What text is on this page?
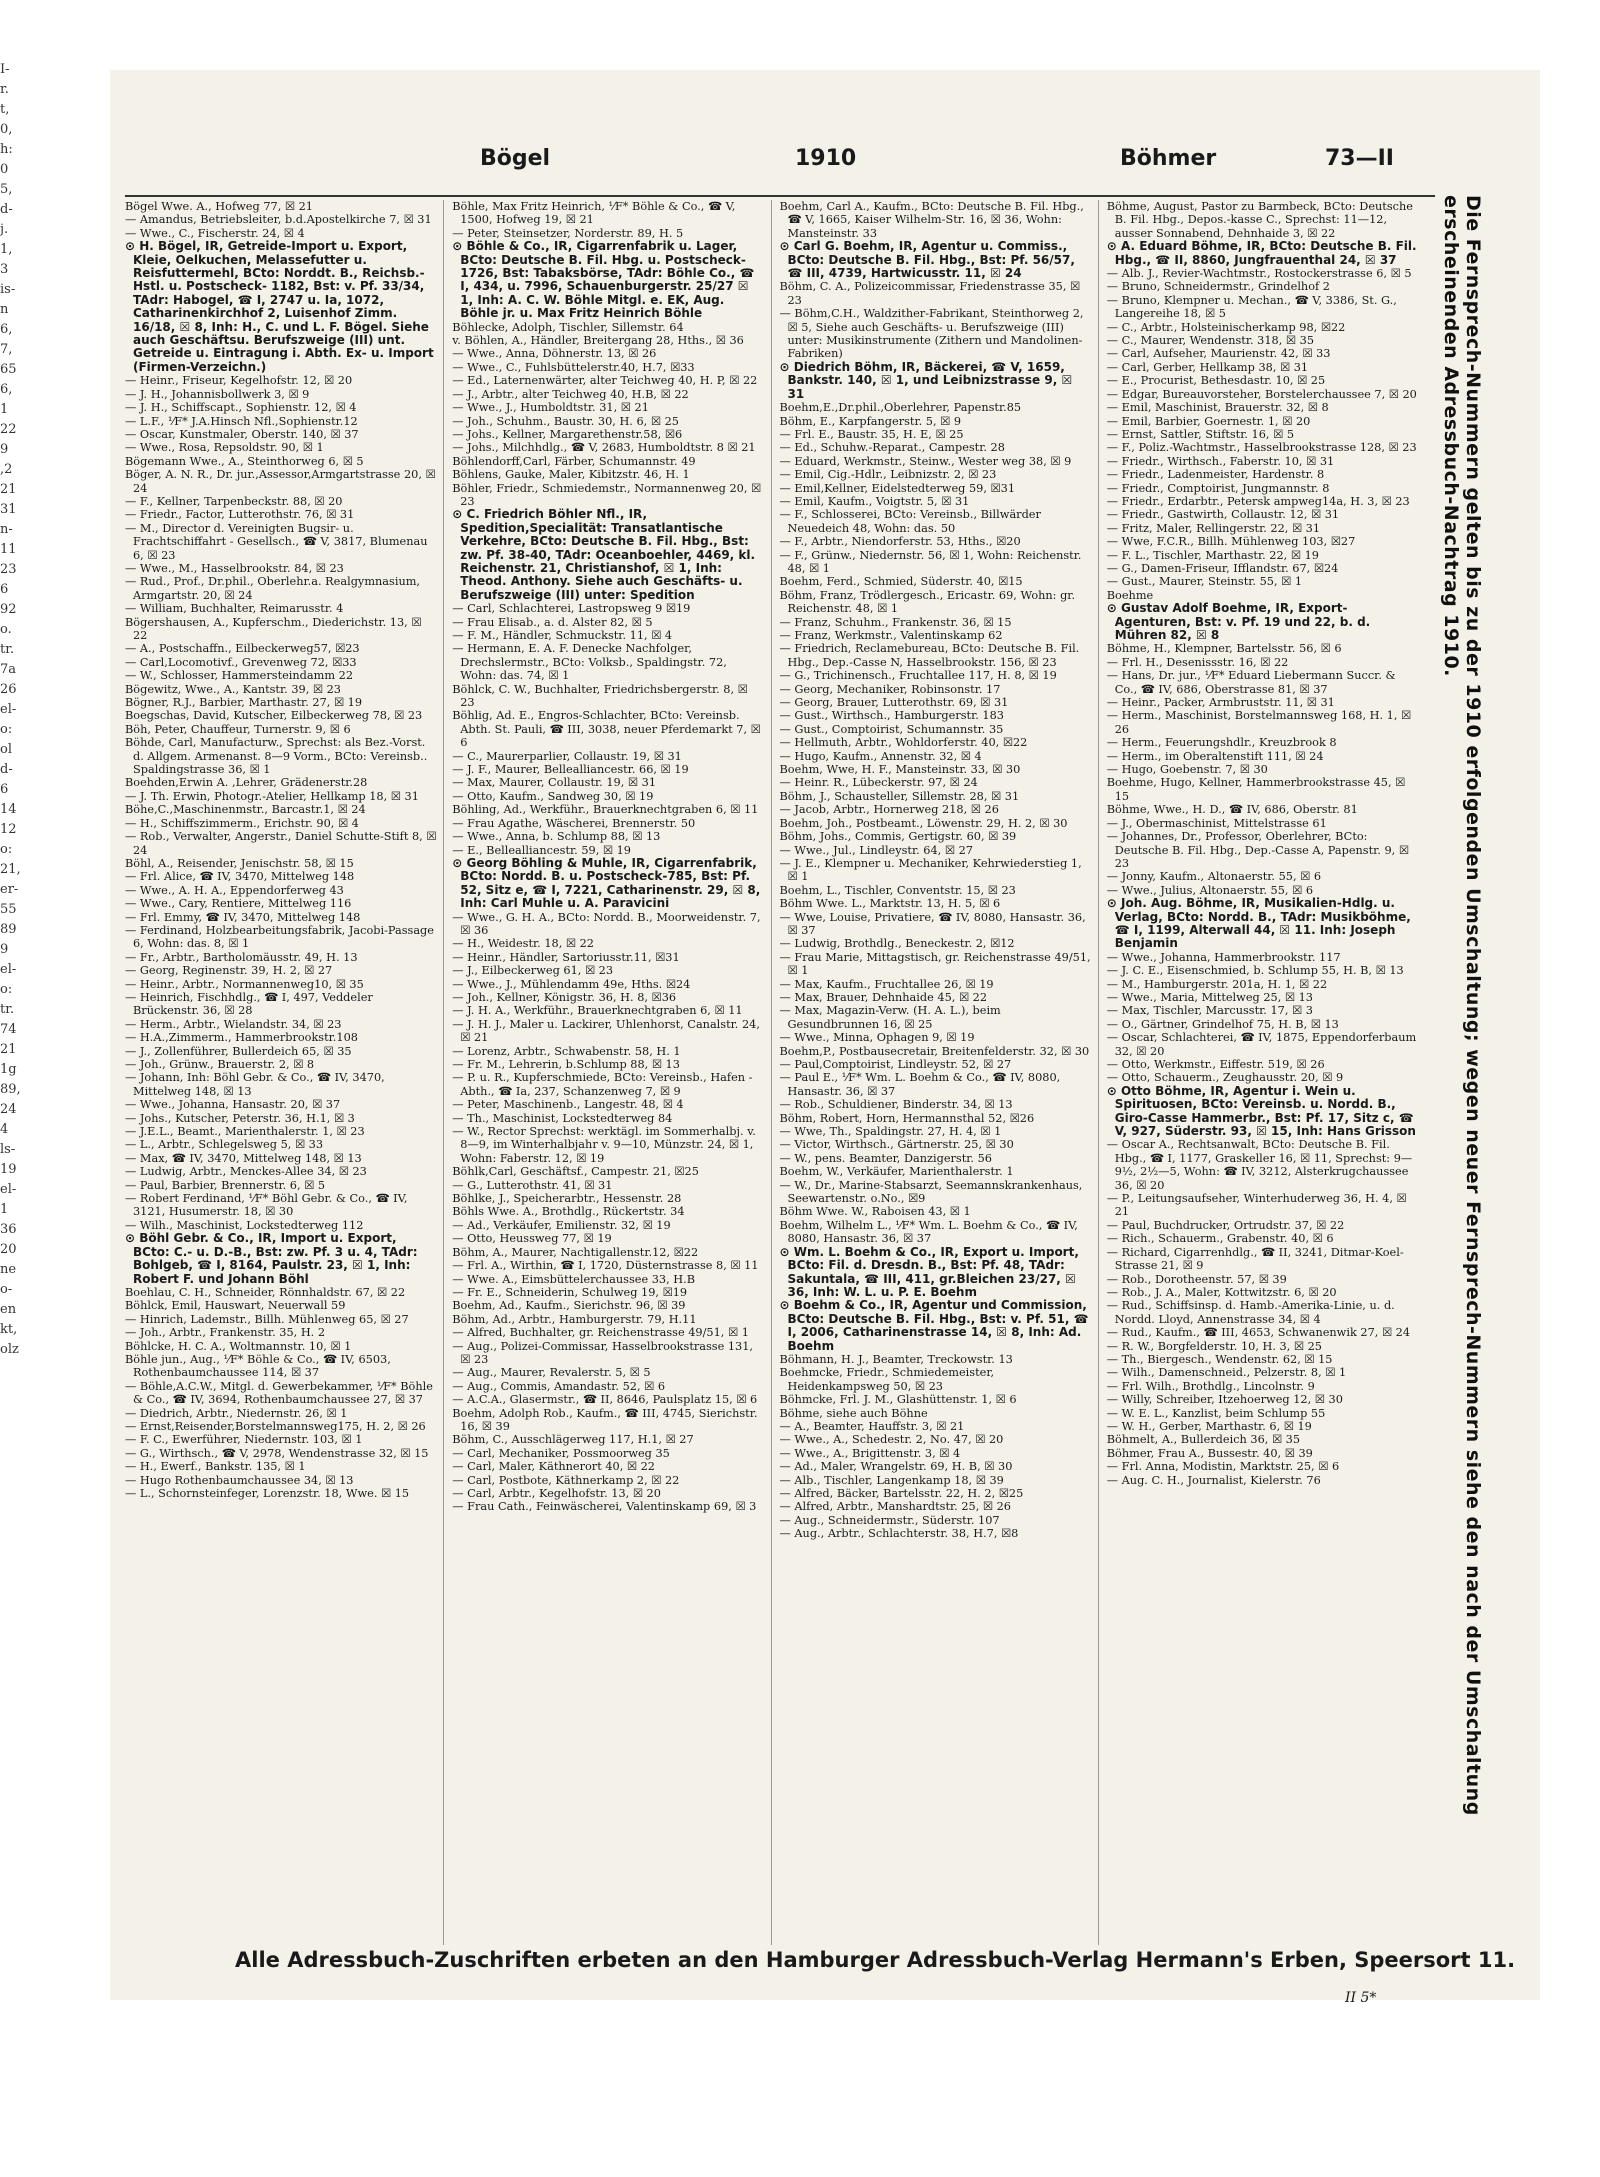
I-
r.
t,
0,
h:
0
5,
d-
j.
1,
3
is-
n
6,
7,
65
6,
1
22
9
,2
21
31
n-
11
23
6
92
o.
tr.
7a
26
el-
o:
ol
d-
6
14
12
o:
21,
er-
55
89
9
el-
o:
tr.
74
21
1g
89,
24
4
ls-
19
el-
1
36
20
ne
o-
en
kt,
olz
Bögel	1910	Böhmer	73—II

Bögel Wwe. A., Hofweg 77, ☒ 21

— Amandus, Betriebsleiter, b.d.Apostelkirche 7, ☒ 31

— Wwe., C., Fischerstr. 24, ☒ 4

⊙ H. Bögel, IR, Getreide-Import u. Export, Kleie, Oelkuchen, Melassefutter u. Reisfuttermehl, BCto: Norddt. B., Reichsb.-Hstl. u. Postscheck- 1182, Bst: v. Pf. 33/34, TAdr: Habogel, ☎ I, 2747 u. Ia, 1072, Catharinenkirchhof 2, Luisenhof Zimm. 16/18, ☒ 8, Inh: H., C. und L. F. Bögel. Siehe auch Geschäftsu. Berufszweige (III) unt. Getreide u. Eintragung i. Abth. Ex- u. Import (Firmen-Verzeichn.)

— Heinr., Friseur, Kegelhofstr. 12, ☒ 20

— J. H., Johannisbollwerk 3, ☒ 9

— J. H., Schiffscapt., Sophienstr. 12, ☒ 4

— L.F., ⅟F* J.A.Hinsch Nfl.,Sophienstr.12

— Oscar, Kunstmaler, Oberstr. 140, ☒ 37

— Wwe., Rosa, Repsoldstr. 90, ☒ 1

Bögemann Wwe., A., Steinthorweg 6, ☒ 5

Böger, A. N. R., Dr. jur.,Assessor,Armgartstrasse 20, ☒ 24

— F., Kellner, Tarpenbeckstr. 88, ☒ 20

— Friedr., Factor, Lutterothstr. 76, ☒ 31

— M., Director d. Vereinigten Bugsir- u. Frachtschiffahrt - Gesellsch., ☎ V, 3817, Blumenau 6, ☒ 23

— Wwe., M., Hasselbrookstr. 84, ☒ 23

— Rud., Prof., Dr.phil., Oberlehr.a. Realgymnasium, Armgartstr. 20, ☒ 24

— William, Buchhalter, Reimarusstr. 4

Bögershausen, A., Kupferschm., Diederichstr. 13, ☒ 22

— A., Postschaffn., Eilbeckerweg57, ☒23

— Carl,Locomotivf., Grevenweg 72, ☒33

— W., Schlosser, Hammersteindamm 22

Bögewitz, Wwe., A., Kantstr. 39, ☒ 23

Bögner, R.J., Barbier, Marthastr. 27, ☒ 19

Boegschas, David, Kutscher, Eilbeckerweg 78, ☒ 23

Böh, Peter, Chauffeur, Turnerstr. 9, ☒ 6

Böhde, Carl, Manufacturw., Sprechst: als Bez.-Vorst. d. Allgem. Armenanst. 8—9 Vorm., BCto: Vereinsb.. Spaldingstrasse 36, ☒ 1

Boehden,Erwin A. ,Lehrer, Grädenerstr.28

— J. Th. Erwin, Photogr.-Atelier, Hellkamp 18, ☒ 31

Böhe,C.,Maschinenmstr., Barcastr.1, ☒ 24

— H., Schiffszimmerm., Erichstr. 90, ☒ 4

— Rob., Verwalter, Angerstr., Daniel Schutte-Stift 8, ☒ 24

Böhl, A., Reisender, Jenischstr. 58, ☒ 15

— Frl. Alice, ☎ IV, 3470, Mittelweg 148

— Wwe., A. H. A., Eppendorferweg 43

— Wwe., Cary, Rentiere, Mittelweg 116

— Frl. Emmy, ☎ IV, 3470, Mittelweg 148

— Ferdinand, Holzbearbeitungsfabrik, Jacobi-Passage 6, Wohn: das. 8, ☒ 1

— Fr., Arbtr., Bartholomäusstr. 49, H. 13

— Georg, Reginenstr. 39, H. 2, ☒ 27

— Heinr., Arbtr., Normannenweg10, ☒ 35

— Heinrich, Fischhdlg., ☎ I, 497, Veddeler Brückenstr. 36, ☒ 28

— Herm., Arbtr., Wielandstr. 34, ☒ 23

— H.A.,Zimmerm., Hammerbrookstr.108

— J., Zollenführer, Bullerdeich 65, ☒ 35

— Joh., Grünw., Brauerstr. 2, ☒ 8

— Johann, Inh: Böhl Gebr. & Co., ☎ IV, 3470, Mittelweg 148, ☒ 13

— Wwe., Johanna, Hansastr. 20, ☒ 37

— Johs., Kutscher, Peterstr. 36, H.1, ☒ 3

— J.E.L., Beamt., Marienthalerstr. 1, ☒ 23

— L., Arbtr., Schlegelsweg 5, ☒ 33

— Max, ☎ IV, 3470, Mittelweg 148, ☒ 13

— Ludwig, Arbtr., Menckes-Allee 34, ☒ 23

— Paul, Barbier, Brennerstr. 6, ☒ 5

— Robert Ferdinand, ⅟F* Böhl Gebr. & Co., ☎ IV, 3121, Husumerstr. 18, ☒ 30

— Wilh., Maschinist, Lockstedterweg 112

⊙ Böhl Gebr. & Co., IR, Import u. Export, BCto: C.- u. D.-B., Bst: zw. Pf. 3 u. 4, TAdr: Bohlgeb, ☎ I, 8164, Paulstr. 23, ☒ 1, Inh: Robert F. und Johann Böhl

Boehlau, C. H., Schneider, Rönnhaldstr. 67, ☒ 22

Böhlck, Emil, Hauswart, Neuerwall 59

— Hinrich, Lademstr., Billh. Mühlenweg 65, ☒ 27

— Joh., Arbtr., Frankenstr. 35, H. 2

Böhlcke, H. C. A., Woltmannstr. 10, ☒ 1

Böhle jun., Aug., ⅟F* Böhle & Co., ☎ IV, 6503, Rothenbaumchaussee 114, ☒ 37

— Böhle,A.C.W., Mitgl. d. Gewerbekammer, ⅟F* Böhle & Co., ☎ IV, 3694, Rothenbaumchaussee 27, ☒ 37

— Diedrich, Arbtr., Niedernstr. 26, ☒ 1

— Ernst,Reisender,Borstelmannsweg175, H. 2, ☒ 26

— F. C., Ewerführer, Niedernstr. 103, ☒ 1

— G., Wirthsch., ☎ V, 2978, Wendenstrasse 32, ☒ 15

— H., Ewerf., Bankstr. 135, ☒ 1

— Hugo Rothenbaumchaussee 34, ☒ 13

— L., Schornsteinfeger, Lorenzstr. 18, Wwe. ☒ 15

Böhle, Max Fritz Heinrich, ⅟F* Böhle & Co., ☎ V, 1500, Hofweg 19, ☒ 21

— Peter, Steinsetzer, Norderstr. 89, H. 5

⊙ Böhle & Co., IR, Cigarrenfabrik u. Lager, BCto: Deutsche B. Fil. Hbg. u. Postscheck- 1726, Bst: Tabaksbörse, TAdr: Böhle Co., ☎ I, 434, u. 7996, Schauenburgerstr. 25/27 ☒ 1, Inh: A. C. W. Böhle Mitgl. e. EK, Aug. Böhle jr. u. Max Fritz Heinrich Böhle

Böhlecke, Adolph, Tischler, Sillemstr. 64

v. Böhlen, A., Händler, Breitergang 28, Hths., ☒ 36

— Wwe., Anna, Döhnerstr. 13, ☒ 26

— Wwe., C., Fuhlsbüttelerstr.40, H.7, ☒33

— Ed., Laternenwärter, alter Teichweg 40, H. P, ☒ 22

— J., Arbtr., alter Teichweg 40, H.B, ☒ 22

— Wwe., J., Humboldtstr. 31, ☒ 21

— Joh., Schuhm., Baustr. 30, H. 6, ☒ 25

— Johs., Kellner, Margarethenstr.58, ☒6

— Johs., Milchhdlg., ☎ V, 2683, Humboldtstr. 8 ☒ 21

Böhlendorff,Carl, Färber, Schumannstr. 49

Böhlens, Gauke, Maler, Kibitzstr. 46, H. 1

Böhler, Friedr., Schmiedemstr., Normannenweg 20, ☒ 23

⊙ C. Friedrich Böhler Nfl., IR, Spedition,Specialität: Transatlantische Verkehre, BCto: Deutsche B. Fil. Hbg., Bst: zw. Pf. 38-40, TAdr: Oceanboehler, 4469, kl. Reichenstr. 21, Christianshof, ☒ 1, Inh: Theod. Anthony. Siehe auch Geschäfts- u. Berufszweige (III) unter: Spedition

— Carl, Schlachterei, Lastropsweg 9 ☒19

— Frau Elisab., a. d. Alster 82, ☒ 5

— F. M., Händler, Schmuckstr. 11, ☒ 4

— Hermann, E. A. F. Denecke Nachfolger, Drechslermstr., BCto: Volksb., Spaldingstr. 72, Wohn: das. 74, ☒ 1

Böhlck, C. W., Buchhalter, Friedrichsbergerstr. 8, ☒ 23

Böhlig, Ad. E., Engros-Schlachter, BCto: Vereinsb. Abth. St. Pauli, ☎ III, 3038, neuer Pferdemarkt 7, ☒ 6

— C., Maurerparlier, Collaustr. 19, ☒ 31

— J. F., Maurer, Bellealliancestr. 66, ☒ 19

— Max, Maurer, Collaustr. 19, ☒ 31

— Otto, Kaufm., Sandweg 30, ☒ 19

Böhling, Ad., Werkführ., Brauerknechtgraben 6, ☒ 11

— Frau Agathe, Wäscherei, Brennerstr. 50

— Wwe., Anna, b. Schlump 88, ☒ 13

— E., Bellealliancestr. 59, ☒ 19

⊙ Georg Böhling & Muhle, IR, Cigarrenfabrik, BCto: Nordd. B. u. Postscheck-785, Bst: Pf. 52, Sitz e, ☎ I, 7221, Catharinenstr. 29, ☒ 8, Inh: Carl Muhle u. A. Paravicini

— Wwe., G. H. A., BCto: Nordd. B., Moorweidenstr. 7, ☒ 36

— H., Weidestr. 18, ☒ 22

— Heinr., Händler, Sartoriusstr.11, ☒31

— J., Eilbeckerweg 61, ☒ 23

— Wwe., J., Mühlendamm 49e, Hths. ☒24

— Joh., Kellner, Königstr. 36, H. 8, ☒36

— J. H. A., Werkführ., Brauerknechtgraben 6, ☒ 11

— J. H. J., Maler u. Lackirer, Uhlenhorst, Canalstr. 24, ☒ 21

— Lorenz, Arbtr., Schwabenstr. 58, H. 1

— Fr. M., Lehrerin, b.Schlump 88, ☒ 13

— P. u. R., Kupferschmiede, BCto: Vereinsb., Hafen - Abth., ☎ Ia, 237, Schanzenweg 7, ☒ 9

— Peter, Maschinenb., Langestr. 48, ☒ 4

— Th., Maschinist, Lockstedterweg 84

— W., Rector Sprechst: werktägl. im Sommerhalbj. v. 8—9, im Winterhalbjahr v. 9—10, Münzstr. 24, ☒ 1, Wohn: Faberstr. 12, ☒ 19

Böhlk,Carl, Geschäftsf., Campestr. 21, ☒25

— G., Lutterothstr. 41, ☒ 31

Böhlke, J., Speicherarbtr., Hessenstr. 28

Böhls Wwe. A., Brothdlg., Rückertstr. 34

— Ad., Verkäufer, Emilienstr. 32, ☒ 19

— Otto, Heussweg 77, ☒ 19

Böhm, A., Maurer, Nachtigallenstr.12, ☒22

— Frl. A., Wirthin, ☎ I, 1720, Düsternstrasse 8, ☒ 11

— Wwe. A., Eimsbüttelerchaussee 33, H.B

— Fr. E., Schneiderin, Schulweg 19, ☒19

Boehm, Ad., Kaufm., Sierichstr. 96, ☒ 39

Böhm, Ad., Arbtr., Hamburgerstr. 79, H.11

— Alfred, Buchhalter, gr. Reichenstrasse 49/51, ☒ 1

— Aug., Polizei-Commissar, Hasselbrookstrasse 131, ☒ 23

— Aug., Maurer, Revalerstr. 5, ☒ 5

— Aug., Commis, Amandastr. 52, ☒ 6

— A.C.A., Glasermstr., ☎ II, 8646, Paulsplatz 15, ☒ 6

Boehm, Adolph Rob., Kaufm., ☎ III, 4745, Sierichstr. 16, ☒ 39

Böhm, C., Ausschlägerweg 117, H.1, ☒ 27

— Carl, Mechaniker, Possmoorweg 35

— Carl, Maler, Käthnerort 40, ☒ 22

— Carl, Postbote, Käthnerkamp 2, ☒ 22

— Carl, Arbtr., Kegelhofstr. 13, ☒ 20

— Frau Cath., Feinwäscherei, Valentinskamp 69, ☒ 3

Boehm, Carl A., Kaufm., BCto: Deutsche B. Fil. Hbg., ☎ V, 1665, Kaiser Wilhelm-Str. 16, ☒ 36, Wohn: Mansteinstr. 33

⊙ Carl G. Boehm, IR, Agentur u. Commiss., BCto: Deutsche B. Fil. Hbg., Bst: Pf. 56/57, ☎ III, 4739, Hartwicusstr. 11, ☒ 24

Böhm, C. A., Polizeicommissar, Friedenstrasse 35, ☒ 23

— Böhm,C.H., Waldzither-Fabrikant, Steinthorweg 2, ☒ 5, Siehe auch Geschäfts- u. Berufszweige (III) unter: Musikinstrumente (Zithern und Mandolinen-Fabriken)

⊙ Diedrich Böhm, IR, Bäckerei, ☎ V, 1659, Bankstr. 140, ☒ 1, und Leibnizstrasse 9, ☒ 31

Boehm,E.,Dr.phil.,Oberlehrer, Papenstr.85

Böhm, E., Karpfangerstr. 5, ☒ 9

— Frl. E., Baustr. 35, H. E, ☒ 25

— Ed., Schuhw.-Reparat., Campestr. 28

— Eduard, Werkmstr., Steinw., Wester weg 38, ☒ 9

— Emil, Cig.-Hdlr., Leibnizstr. 2, ☒ 23

— Emil,Kellner, Eidelstedterweg 59, ☒31

— Emil, Kaufm., Voigtstr. 5, ☒ 31

— F., Schlosserei, BCto: Vereinsb., Billwärder Neuedeich 48, Wohn: das. 50

— F., Arbtr., Niendorferstr. 53, Hths., ☒20

— F., Grünw., Niedernstr. 56, ☒ 1, Wohn: Reichenstr. 48, ☒ 1

Boehm, Ferd., Schmied, Süderstr. 40, ☒15

Böhm, Franz, Trödlergesch., Ericastr. 69, Wohn: gr. Reichenstr. 48, ☒ 1

— Franz, Schuhm., Frankenstr. 36, ☒ 15

— Franz, Werkmstr., Valentinskamp 62

— Friedrich, Reclamebureau, BCto: Deutsche B. Fil. Hbg., Dep.-Casse N, Hasselbrookstr. 156, ☒ 23

— G., Trichinensch., Fruchtallee 117, H. 8, ☒ 19

— Georg, Mechaniker, Robinsonstr. 17

— Georg, Brauer, Lutterothstr. 69, ☒ 31

— Gust., Wirthsch., Hamburgerstr. 183

— Gust., Comptoirist, Schumannstr. 35

— Hellmuth, Arbtr., Wohldorferstr. 40, ☒22

— Hugo, Kaufm., Annenstr. 32, ☒ 4

Boehm, Wwe, H. F., Mansteinstr. 33, ☒ 30

— Heinr. R., Lübeckerstr. 97, ☒ 24

Böhm, J., Schausteller, Sillemstr. 28, ☒ 31

— Jacob, Arbtr., Hornerweg 218, ☒ 26

Boehm, Joh., Postbeamt., Löwenstr. 29, H. 2, ☒ 30

Böhm, Johs., Commis, Gertigstr. 60, ☒ 39

— Wwe., Jul., Lindleystr. 64, ☒ 27

— J. E., Klempner u. Mechaniker, Kehrwiederstieg 1, ☒ 1

Boehm, L., Tischler, Conventstr. 15, ☒ 23

Böhm Wwe. L., Marktstr. 13, H. 5, ☒ 6

— Wwe, Louise, Privatiere, ☎ IV, 8080, Hansastr. 36, ☒ 37

— Ludwig, Brothdlg., Beneckestr. 2, ☒12

— Frau Marie, Mittagstisch, gr. Reichenstrasse 49/51, ☒ 1

— Max, Kaufm., Fruchtallee 26, ☒ 19

— Max, Brauer, Dehnhaide 45, ☒ 22

— Max, Magazin-Verw. (H. A. L.), beim Gesundbrunnen 16, ☒ 25

— Wwe., Minna, Ophagen 9, ☒ 19

Boehm,P., Postbausecretair, Breitenfelderstr. 32, ☒ 30

— Paul,Comptoirist, Lindleystr. 52, ☒ 27

— Paul E., ⅟F* Wm. L. Boehm & Co., ☎ IV, 8080, Hansastr. 36, ☒ 37

— Rob., Schuldiener, Binderstr. 34, ☒ 13

Böhm, Robert, Horn, Hermannsthal 52, ☒26

— Wwe, Th., Spaldingstr. 27, H. 4, ☒ 1

— Victor, Wirthsch., Gärtnerstr. 25, ☒ 30

— W., pens. Beamter, Danzigerstr. 56

Boehm, W., Verkäufer, Marienthalerstr. 1

— W., Dr., Marine-Stabsarzt, Seemannskrankenhaus, Seewartenstr. o.No., ☒9

Böhm Wwe. W., Raboisen 43, ☒ 1

Boehm, Wilhelm L., ⅟F* Wm. L. Boehm & Co., ☎ IV, 8080, Hansastr. 36, ☒ 37

⊙ Wm. L. Boehm & Co., IR, Export u. Import, BCto: Fil. d. Dresdn. B., Bst: Pf. 48, TAdr: Sakuntala, ☎ III, 411, gr.Bleichen 23/27, ☒ 36, Inh: W. L. u. P. E. Boehm

⊙ Boehm & Co., IR, Agentur und Commission, BCto: Deutsche B. Fil. Hbg., Bst: v. Pf. 51, ☎ I, 2006, Catharinenstrasse 14, ☒ 8, Inh: Ad. Boehm

Böhmann, H. J., Beamter, Treckowstr. 13

Boehmcke, Friedr., Schmiedemeister, Heidenkampsweg 50, ☒ 23

Böhmcke, Frl. J. M., Glashüttenstr. 1, ☒ 6

Böhme, siehe auch Böhne

— A., Beamter, Hauffstr. 3, ☒ 21

— Wwe., A., Schedestr. 2, No. 47, ☒ 20

— Wwe., A., Brigittenstr. 3, ☒ 4

— Ad., Maler, Wrangelstr. 69, H. B, ☒ 30

— Alb., Tischler, Langenkamp 18, ☒ 39

— Alfred, Bäcker, Bartelsstr. 22, H. 2, ☒25

— Alfred, Arbtr., Manshardtstr. 25, ☒ 26

— Aug., Schneidermstr., Süderstr. 107

— Aug., Arbtr., Schlachterstr. 38, H.7, ☒8

Böhme, August, Pastor zu Barmbeck, BCto: Deutsche B. Fil. Hbg., Depos.-kasse C., Sprechst: 11—12, ausser Sonnabend, Dehnhaide 3, ☒ 22

⊙ A. Eduard Böhme, IR, BCto: Deutsche B. Fil. Hbg., ☎ II, 8860, Jungfrauenthal 24, ☒ 37

— Alb. J., Revier-Wachtmstr., Rostockerstrasse 6, ☒ 5

— Bruno, Schneidermstr., Grindelhof 2

— Bruno, Klempner u. Mechan., ☎ V, 3386, St. G., Langereihe 18, ☒ 5

— C., Arbtr., Holsteinischerkamp 98, ☒22

— C., Maurer, Wendenstr. 318, ☒ 35

— Carl, Aufseher, Maurienstr. 42, ☒ 33

— Carl, Gerber, Hellkamp 38, ☒ 31

— E., Procurist, Bethesdastr. 10, ☒ 25

— Edgar, Bureauvorsteher, Borstelerchaussee 7, ☒ 20

— Emil, Maschinist, Brauerstr. 32, ☒ 8

— Emil, Barbier, Goernestr. 1, ☒ 20

— Ernst, Sattler, Stiftstr. 16, ☒ 5

— F., Poliz.-Wachtmstr., Hasselbrookstrasse 128, ☒ 23

— Friedr., Wirthsch., Faberstr. 10, ☒ 31

— Friedr., Ladenmeister, Hardenstr. 8

— Friedr., Comptoirist, Jungmannstr. 8

— Friedr., Erdarbtr., Petersk ampweg14a, H. 3, ☒ 23

— Friedr., Gastwirth, Collaustr. 12, ☒ 31

— Fritz, Maler, Rellingerstr. 22, ☒ 31

— Wwe, F.C.R., Billh. Mühlenweg 103, ☒27

— F. L., Tischler, Marthastr. 22, ☒ 19

— G., Damen-Friseur, Ifflandstr. 67, ☒24

— Gust., Maurer, Steinstr. 55, ☒ 1

Boehme

⊙ Gustav Adolf Boehme, IR, Export-Agenturen, Bst: v. Pf. 19 und 22, b. d. Mühren 82, ☒ 8

Böhme, H., Klempner, Bartelsstr. 56, ☒ 6

— Frl. H., Desenissstr. 16, ☒ 22

— Hans, Dr. jur., ⅟F* Eduard Liebermann Succr. & Co., ☎ IV, 686, Oberstrasse 81, ☒ 37

— Heinr., Packer, Armbruststr. 11, ☒ 31

— Herm., Maschinist, Borstelmannsweg 168, H. 1, ☒ 26

— Herm., Feuerungshdlr., Kreuzbrook 8

— Herm., im Oberaltenstift 111, ☒ 24

— Hugo, Goebenstr. 7, ☒ 30

Boehme, Hugo, Kellner, Hammerbrookstrasse 45, ☒ 15

Böhme, Wwe., H. D., ☎ IV, 686, Oberstr. 81

— J., Obermaschinist, Mittelstrasse 61

— Johannes, Dr., Professor, Oberlehrer, BCto: Deutsche B. Fil. Hbg., Dep.-Casse A, Papenstr. 9, ☒ 23

— Jonny, Kaufm., Altonaerstr. 55, ☒ 6

— Wwe., Julius, Altonaerstr. 55, ☒ 6

⊙ Joh. Aug. Böhme, IR, Musikalien-Hdlg. u. Verlag, BCto: Nordd. B., TAdr: Musikböhme, ☎ I, 1199, Alterwall 44, ☒ 11. Inh: Joseph Benjamin

— Wwe., Johanna, Hammerbrookstr. 117

— J. C. E., Eisenschmied, b. Schlump 55, H. B, ☒ 13

— M., Hamburgerstr. 201a, H. 1, ☒ 22

— Wwe., Maria, Mittelweg 25, ☒ 13

— Max, Tischler, Marcusstr. 17, ☒ 3

— O., Gärtner, Grindelhof 75, H. B, ☒ 13

— Oscar, Schlachterei, ☎ IV, 1875, Eppendorferbaum 32, ☒ 20

— Otto, Werkmstr., Eiffestr. 519, ☒ 26

— Otto, Schauerm., Zeughausstr. 20, ☒ 9

⊙ Otto Böhme, IR, Agentur i. Wein u. Spirituosen, BCto: Vereinsb. u. Nordd. B., Giro-Casse Hammerbr., Bst: Pf. 17, Sitz c, ☎ V, 927, Süderstr. 93, ☒ 15, Inh: Hans Grisson

— Oscar A., Rechtsanwalt, BCto: Deutsche B. Fil. Hbg., ☎ I, 1177, Graskeller 16, ☒ 11, Sprechst: 9—9½, 2½—5, Wohn: ☎ IV, 3212, Alsterkrugchaussee 36, ☒ 20

— P., Leitungsaufseher, Winterhuderweg 36, H. 4, ☒ 21

— Paul, Buchdrucker, Ortrudstr. 37, ☒ 22

— Rich., Schauerm., Grabenstr. 40, ☒ 6

— Richard, Cigarrenhdlg., ☎ II, 3241, Ditmar-Koel-Strasse 21, ☒ 9

— Rob., Dorotheenstr. 57, ☒ 39

— Rob., J. A., Maler, Kottwitzstr. 6, ☒ 20

— Rud., Schiffsinsp. d. Hamb.-Amerika-Linie, u. d. Nordd. Lloyd, Annenstrasse 34, ☒ 4

— Rud., Kaufm., ☎ III, 4653, Schwanenwik 27, ☒ 24

— R. W., Borgfelderstr. 10, H. 3, ☒ 25

— Th., Biergesch., Wendenstr. 62, ☒ 15

— Wilh., Damenschneid., Pelzerstr. 8, ☒ 1

— Frl. Wilh., Brothdlg., Lincolnstr. 9

— Willy, Schreiber, Itzehoerweg 12, ☒ 30

— W. E. L., Kanzlist, beim Schlump 55

— W. H., Gerber, Marthastr. 6, ☒ 19

Böhmelt, A., Bullerdeich 36, ☒ 35

Böhmer, Frau A., Bussestr. 40, ☒ 39

— Frl. Anna, Modistin, Marktstr. 25, ☒ 6

— Aug. C. H., Journalist, Kielerstr. 76	Die Fernsprech-Nummern gelten bis zu der 1910 erfolgenden Umschaltung; wegen neuer Fernsprech-Nummern siehe den nach der Umschaltung erscheinenden Adressbuch-Nachtrag 1910.
Alle Adressbuch-Zuschriften erbeten an den Hamburger Adressbuch-Verlag Hermann's Erben, Speersort 11.
II 5*
